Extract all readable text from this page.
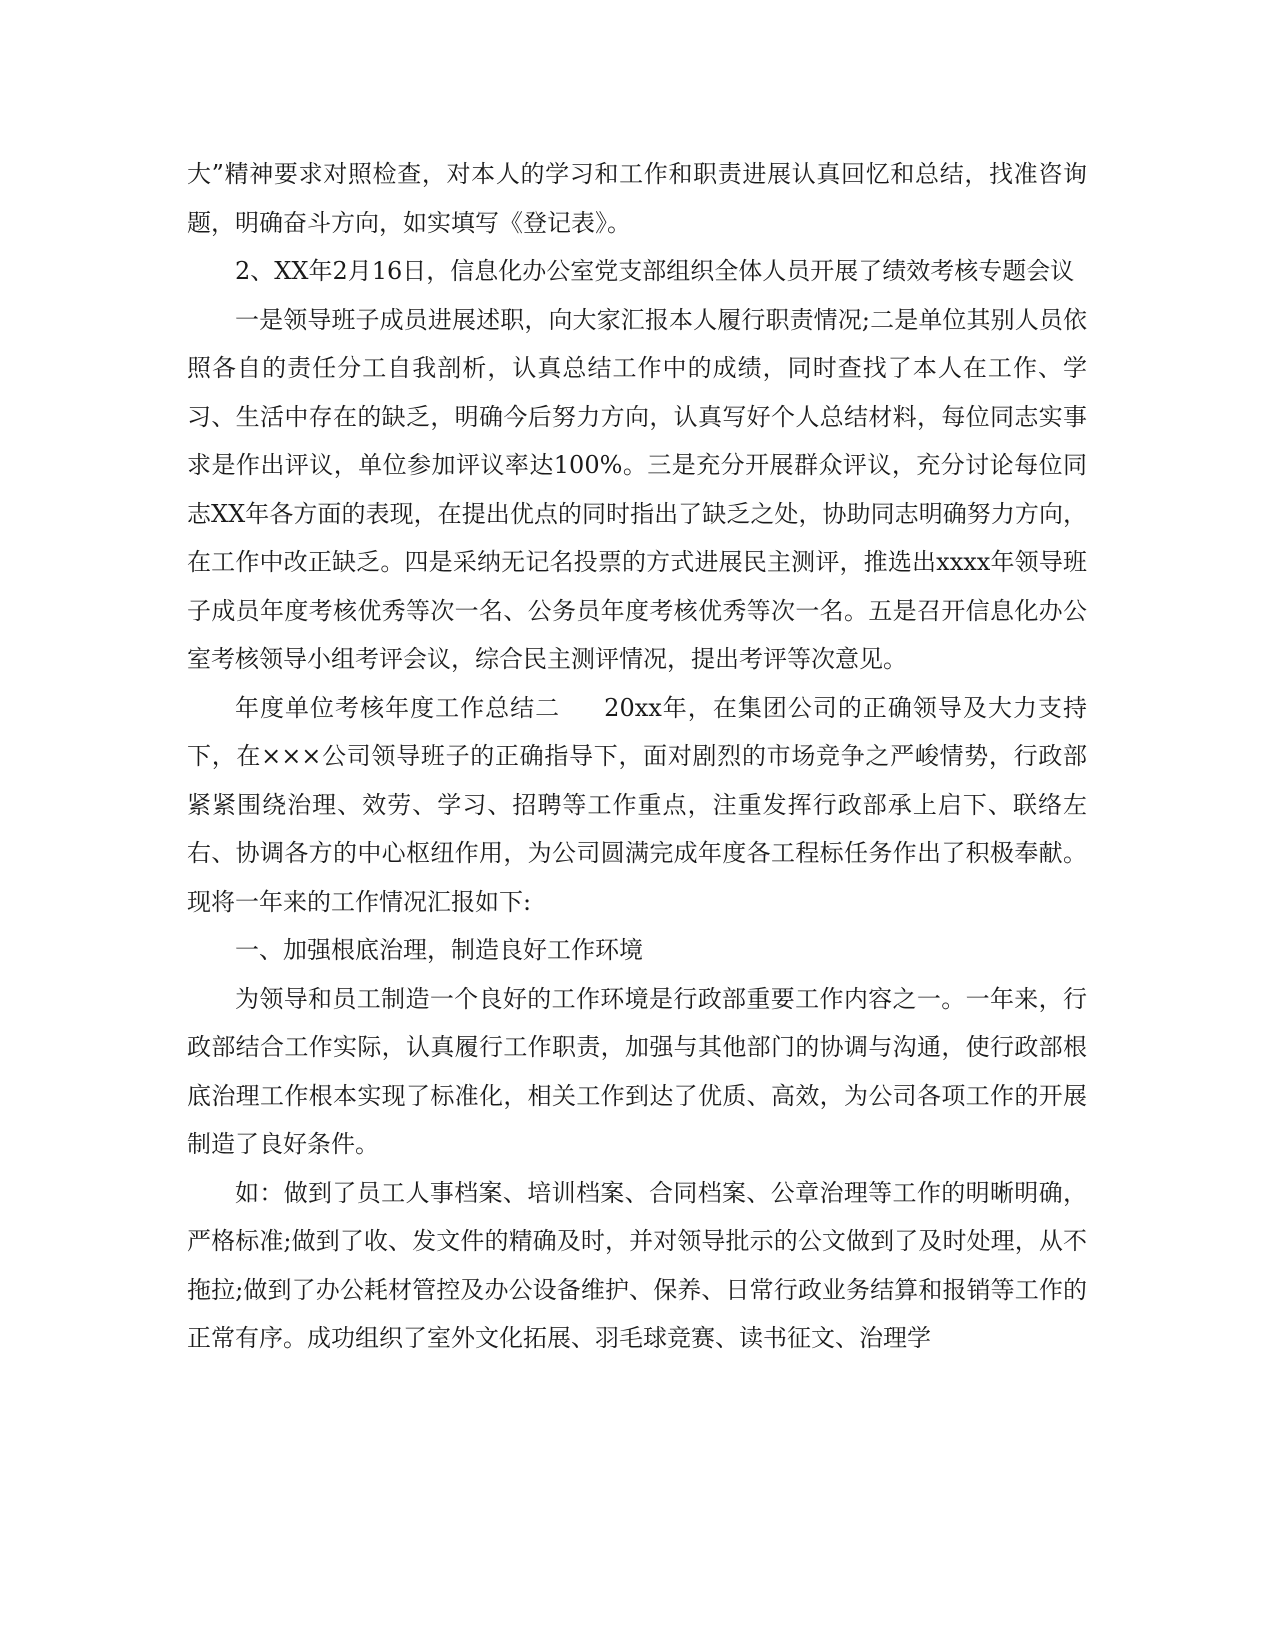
大”精神要求对照检查，对本人的学习和工作和职责进展认真回忆和总结，找准咨询题，明确奋斗方向，如实填写《登记表》。

2、XX年2月16日，信息化办公室党支部组织全体人员开展了绩效考核专题会议

一是领导班子成员进展述职，向大家汇报本人履行职责情况;二是单位其别人员依照各自的责任分工自我剖析，认真总结工作中的成绩，同时查找了本人在工作、学习、生活中存在的缺乏，明确今后努力方向，认真写好个人总结材料，每位同志实事求是作出评议，单位参加评议率达100%。三是充分开展群众评议，充分讨论每位同志XX年各方面的表现，在提出优点的同时指出了缺乏之处，协助同志明确努力方向，在工作中改正缺乏。四是采纳无记名投票的方式进展民主测评，推选出xxxx年领导班子成员年度考核优秀等次一名、公务员年度考核优秀等次一名。五是召开信息化办公室考核领导小组考评会议，综合民主测评情况，提出考评等次意见。

年度单位考核年度工作总结二 20xx年，在集团公司的正确领导及大力支持下，在×××公司领导班子的正确指导下，面对剧烈的市场竞争之严峻情势，行政部紧紧围绕治理、效劳、学习、招聘等工作重点，注重发挥行政部承上启下、联络左右、协调各方的中心枢纽作用，为公司圆满完成年度各工程标任务作出了积极奉献。现将一年来的工作情况汇报如下:

一、加强根底治理，制造良好工作环境

为领导和员工制造一个良好的工作环境是行政部重要工作内容之一。一年来，行政部结合工作实际，认真履行工作职责，加强与其他部门的协调与沟通，使行政部根底治理工作根本实现了标准化，相关工作到达了优质、高效，为公司各项工作的开展制造了良好条件。

如：做到了员工人事档案、培训档案、合同档案、公章治理等工作的明晰明确，严格标准;做到了收、发文件的精确及时，并对领导批示的公文做到了及时处理，从不拖拉;做到了办公耗材管控及办公设备维护、保养、日常行政业务结算和报销等工作的正常有序。成功组织了室外文化拓展、羽毛球竞赛、读书征文、治理学
